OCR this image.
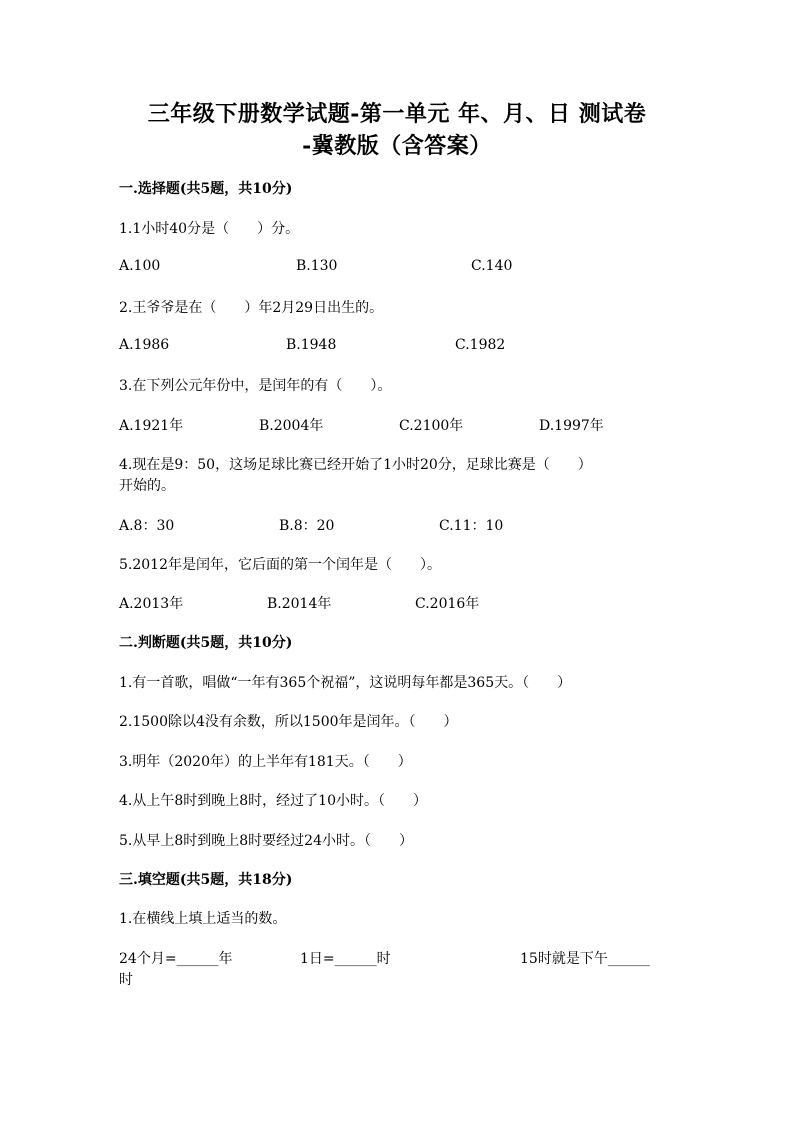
三年级下册数学试题-第一单元 年、月、日 测试卷
-冀教版（含答案）
一.选择题(共5题，共10分)
1.1小时40分是（　　）分。
A.100	B.130	C.140
2.王爷爷是在（　　）年2月29日出生的。
A.1986	B.1948	C.1982
3.在下列公元年份中，是闰年的有（　　）。
A.1921年	B.2004年	C.2100年	D.1997年
4.现在是9：50，这场足球比赛已经开始了1小时20分，足球比赛是（　　）
开始的。
A.8：30	B.8：20	C.11：10
5.2012年是闰年，它后面的第一个闰年是（　　）。
A.2013年	B.2014年	C.2016年
二.判断题(共5题，共10分)
1.有一首歌，唱做“一年有365个祝福”，这说明每年都是365天。（　　）
2.1500除以4没有余数，所以1500年是闰年。（　　）
3.明年（2020年）的上半年有181天。（　　）
4.从上午8时到晚上8时，经过了10小时。（　　）
5.从早上8时到晚上8时要经过24小时。（　　）
三.填空题(共5题，共18分)
1.在横线上填上适当的数。
24个月=______年	1日=______时	15时就是下午______
时
